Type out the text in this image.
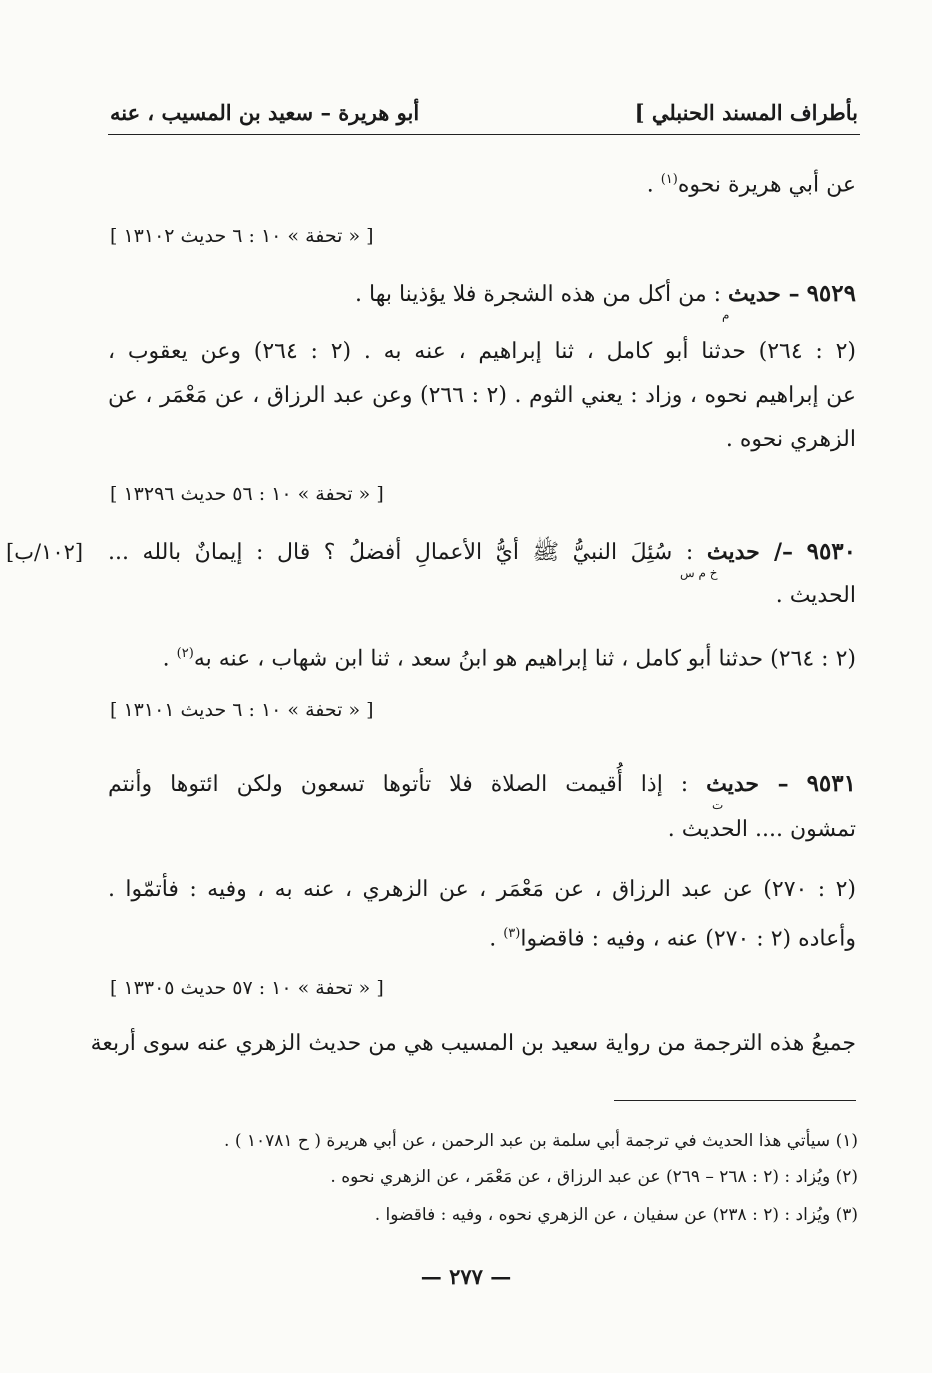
بأطراف المسند الحنبلي ]
أبو هريرة – سعيد بن المسيب ، عنه
عن أبي هريرة نحوه$^{(١)}$ .
[ « تحفة » ١٠ : ٦ حديث ١٣١٠٢ ]
٩٥٢٩ – حديث : من أكل من هذه الشجرة فلا يؤذينا بها .
م
(٢ : ٢٦٤) حدثنا أبو كامل ، ثنا إبراهيم ، عنه به . (٢ : ٢٦٤) وعن يعقوب ،
عن إبراهيم نحوه ، وزاد : يعني الثوم . (٢ : ٢٦٦) وعن عبد الرزاق ، عن مَعْمَر ، عن
الزهري نحوه .
[ « تحفة » ١٠ : ٥٦ حديث ١٣٢٩٦ ]
[١٠٢/ب]	٩٥٣٠ –/ حديث : سُئِلَ النبيُّ ﷺ أيُّ الأعمالِ أفضلُ ؟ قال : إيمانٌ بالله ...
خ م س
الحديث .
(٢ : ٢٦٤) حدثنا أبو كامل ، ثنا إبراهيم هو ابنُ سعد ، ثنا ابن شهاب ، عنه به$^{(٢)}$ .
[ « تحفة » ١٠ : ٦ حديث ١٣١٠١ ]
٩٥٣١ – حديث : إذا أُقيمت الصلاة فلا تأتوها تسعون ولكن ائتوها وأنتم
ت
تمشون .... الحديث .
(٢ : ٢٧٠) عن عبد الرزاق ، عن مَعْمَر ، عن الزهري ، عنه به ، وفيه : فأتمّوا .
وأعاده (٢ : ٢٧٠) عنه ، وفيه : فاقضوا$^{(٣)}$ .
[ « تحفة » ١٠ : ٥٧ حديث ١٣٣٠٥ ]
جميعُ هذه الترجمة من رواية سعيد بن المسيب هي من حديث الزهري عنه سوى أربعة
(١) سيأتي هذا الحديث في ترجمة أبي سلمة بن عبد الرحمن ، عن أبي هريرة ( ح ١٠٧٨١ ) .
(٢) ويُزاد : (٢ : ٢٦٨ – ٢٦٩) عن عبد الرزاق ، عن مَعْمَر ، عن الزهري نحوه .
(٣) ويُزاد : (٢ : ٢٣٨) عن سفيان ، عن الزهري نحوه ، وفيه : فاقضوا .
— ٢٧٧ —
